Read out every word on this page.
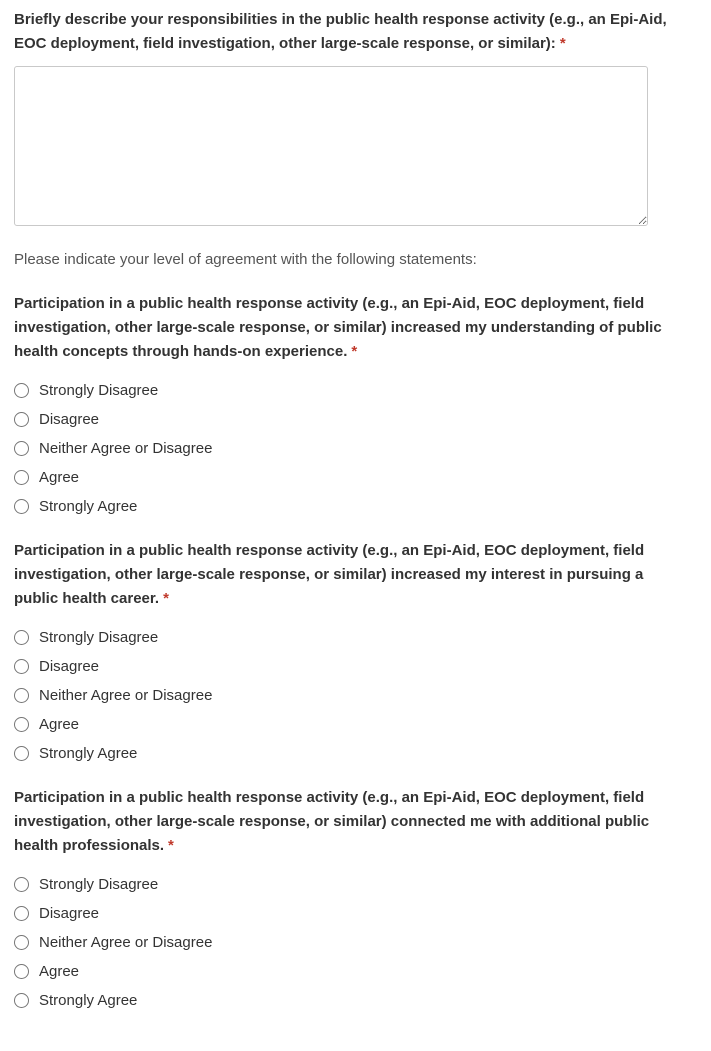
Briefly describe your responsibilities in the public health response activity (e.g., an Epi-Aid, EOC deployment, field investigation, other large-scale response, or similar): *

Please indicate your level of agreement with the following statements:

Participation in a public health response activity (e.g., an Epi-Aid, EOC deployment, field investigation, other large-scale response, or similar) increased my understanding of public health concepts through hands-on experience. *
Strongly Disagree
Disagree
Neither Agree or Disagree
Agree
Strongly Agree
Participation in a public health response activity (e.g., an Epi-Aid, EOC deployment, field investigation, other large-scale response, or similar) increased my interest in pursuing a public health career. *
Strongly Disagree
Disagree
Neither Agree or Disagree
Agree
Strongly Agree
Participation in a public health response activity (e.g., an Epi-Aid, EOC deployment, field investigation, other large-scale response, or similar) connected me with additional public health professionals. *
Strongly Disagree
Disagree
Neither Agree or Disagree
Agree
Strongly Agree
